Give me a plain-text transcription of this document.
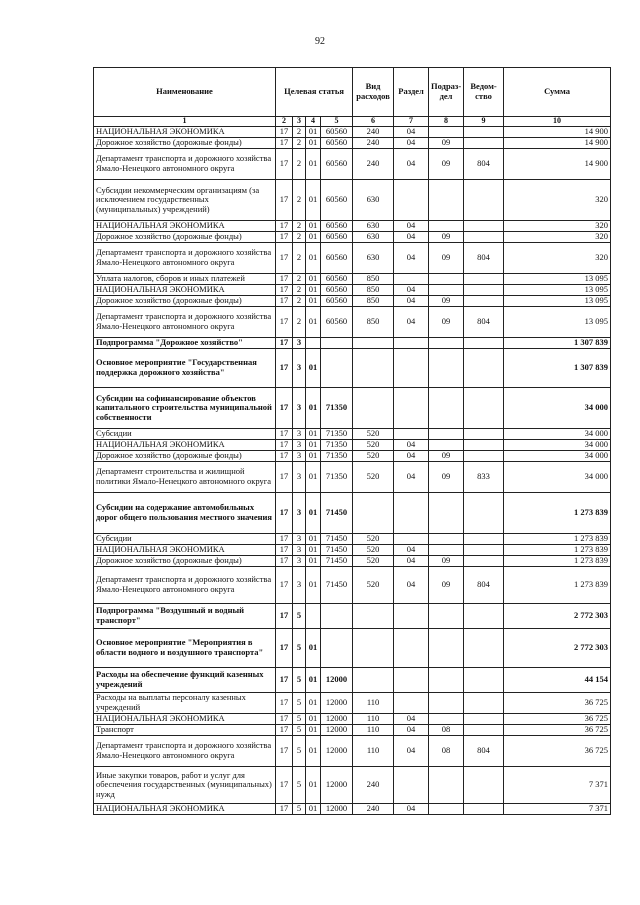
92
Наименование	Целевая статья				Вид расходов	Раздел	Подраз-дел	Ведом-ство	Сумма
1	2	3	4	5	6	7	8	9	10
НАЦИОНАЛЬНАЯ ЭКОНОМИКА	17	2	01	60560	240	04			14 900
Дорожное хозяйство (дорожные фонды)	17	2	01	60560	240	04	09		14 900
Департамент транспорта и дорожного хозяйства Ямало-Ненецкого автономного округа	17	2	01	60560	240	04	09	804	14 900
Субсидии некоммерческим организациям (за исключением государственных (муниципальных) учреждений)	17	2	01	60560	630				320
НАЦИОНАЛЬНАЯ ЭКОНОМИКА	17	2	01	60560	630	04			320
Дорожное хозяйство (дорожные фонды)	17	2	01	60560	630	04	09		320
Департамент транспорта и дорожного хозяйства Ямало-Ненецкого автономного округа	17	2	01	60560	630	04	09	804	320
Уплата налогов, сборов и иных платежей	17	2	01	60560	850				13 095
НАЦИОНАЛЬНАЯ ЭКОНОМИКА	17	2	01	60560	850	04			13 095
Дорожное хозяйство (дорожные фонды)	17	2	01	60560	850	04	09		13 095
Департамент транспорта и дорожного хозяйства Ямало-Ненецкого автономного округа	17	2	01	60560	850	04	09	804	13 095
Подпрограмма "Дорожное хозяйство"	17	3							1 307 839
Основное мероприятие "Государственная поддержка дорожного хозяйства"	17	3	01						1 307 839
Субсидии на софинансирование объектов капитального строительства муниципальной собственности	17	3	01	71350					34 000
Субсидии	17	3	01	71350	520				34 000
НАЦИОНАЛЬНАЯ ЭКОНОМИКА	17	3	01	71350	520	04			34 000
Дорожное хозяйство (дорожные фонды)	17	3	01	71350	520	04	09		34 000
Департамент строительства и жилищной политики Ямало-Ненецкого автономного округа	17	3	01	71350	520	04	09	833	34 000
Субсидии на содержание автомобильных дорог общего пользования местного значения	17	3	01	71450					1 273 839
Субсидии	17	3	01	71450	520				1 273 839
НАЦИОНАЛЬНАЯ ЭКОНОМИКА	17	3	01	71450	520	04			1 273 839
Дорожное хозяйство (дорожные фонды)	17	3	01	71450	520	04	09		1 273 839
Департамент транспорта и дорожного хозяйства Ямало-Ненецкого автономного округа	17	3	01	71450	520	04	09	804	1 273 839
Подпрограмма "Воздушный и водный транспорт"	17	5							2 772 303
Основное мероприятие "Мероприятия в области водного и воздушного транспорта"	17	5	01						2 772 303
Расходы на обеспечение функций казенных учреждений	17	5	01	12000					44 154
Расходы на выплаты персоналу казенных учреждений	17	5	01	12000	110				36 725
НАЦИОНАЛЬНАЯ ЭКОНОМИКА	17	5	01	12000	110	04			36 725
Транспорт	17	5	01	12000	110	04	08		36 725
Департамент транспорта и дорожного хозяйства Ямало-Ненецкого автономного округа	17	5	01	12000	110	04	08	804	36 725
Иные закупки товаров, работ и услуг для обеспечения государственных (муниципальных) нужд	17	5	01	12000	240				7 371
НАЦИОНАЛЬНАЯ ЭКОНОМИКА	17	5	01	12000	240	04			7 371
